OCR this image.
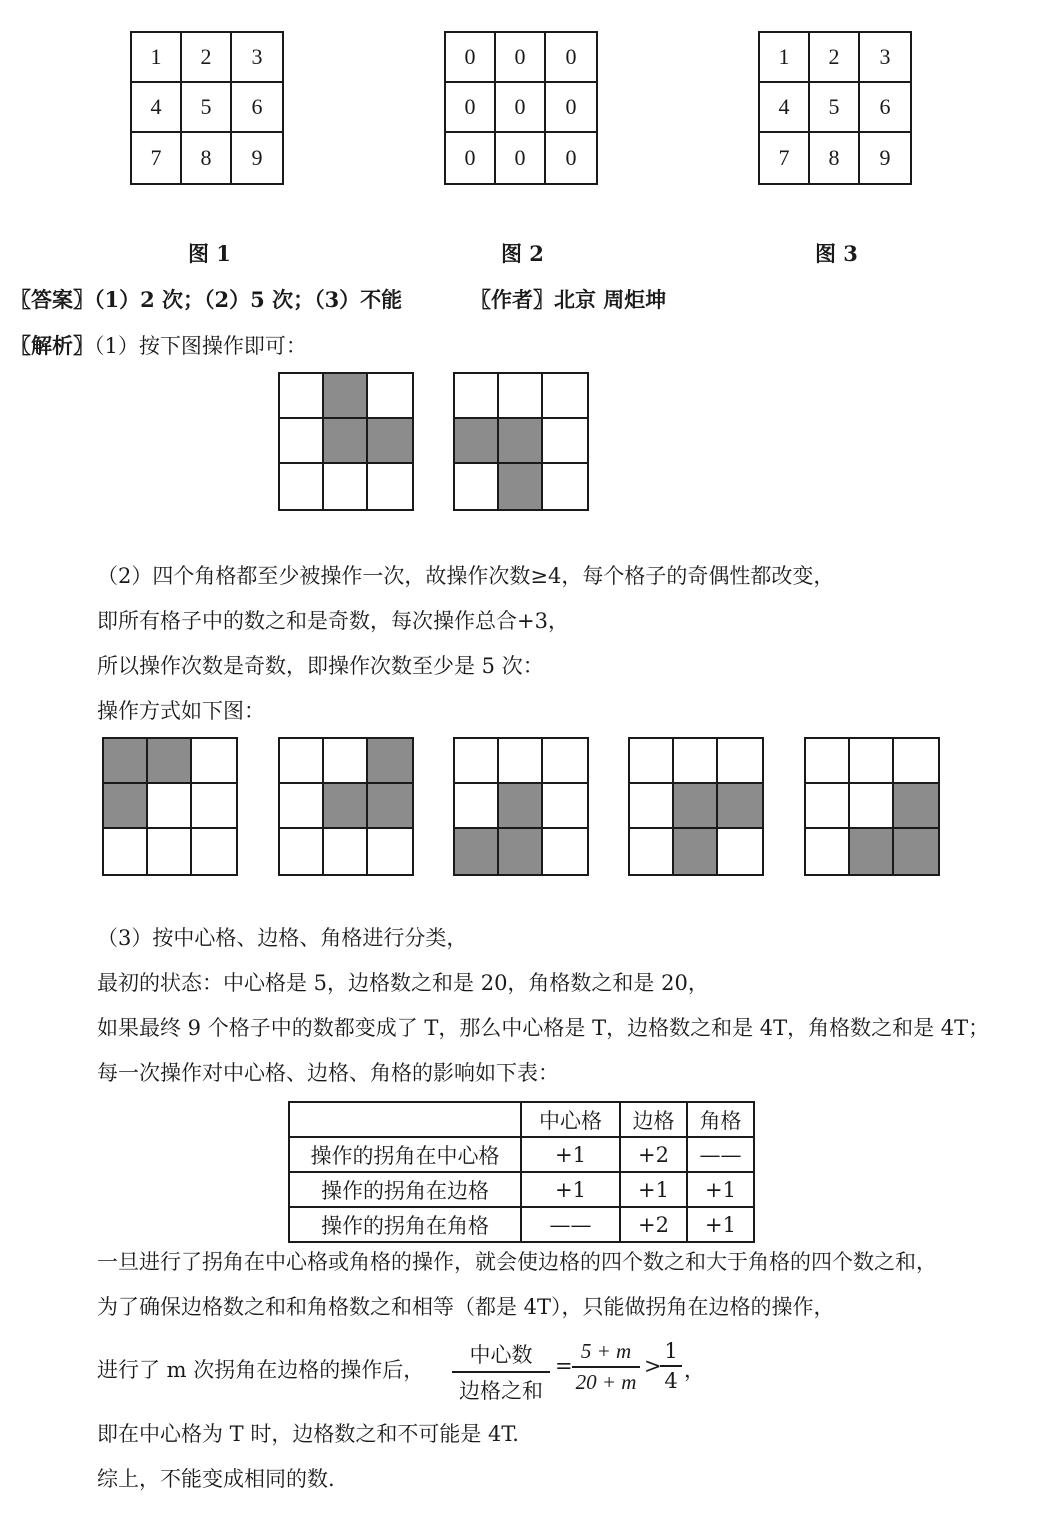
1	2	3
4	5	6
7	8	9
0	0	0
0	0	0
0	0	0
1	2	3
4	5	6
7	8	9
图 1	图 2	图 3
〖答案〗（1）2 次；（2）5 次；（3）不能	〖作者〗北京 周炬坤
〖解析〗（1）按下图操作即可：
（2）四个角格都至少被操作一次，故操作次数≥4，每个格子的奇偶性都改变，
即所有格子中的数之和是奇数，每次操作总合+3，
所以操作次数是奇数，即操作次数至少是 5 次：
操作方式如下图：
（3）按中心格、边格、角格进行分类，
最初的状态：中心格是 5，边格数之和是 20，角格数之和是 20，
如果最终 9 个格子中的数都变成了 T，那么中心格是 T，边格数之和是 4T，角格数之和是 4T；
每一次操作对中心格、边格、角格的影响如下表：
	中心格	边格	角格
操作的拐角在中心格	+1	+2	——
操作的拐角在边格	+1	+1	+1
操作的拐角在角格	——	+2	+1
一旦进行了拐角在中心格或角格的操作，就会使边格的四个数之和大于角格的四个数之和，
为了确保边格数之和和角格数之和相等（都是 4T），只能做拐角在边格的操作，
进行了 m 次拐角在边格的操作后，
中心数
边格之和
=
5 + m
20 + m
>
1
4 ，
即在中心格为 T 时，边格数之和不可能是 4T.
综上，不能变成相同的数.
